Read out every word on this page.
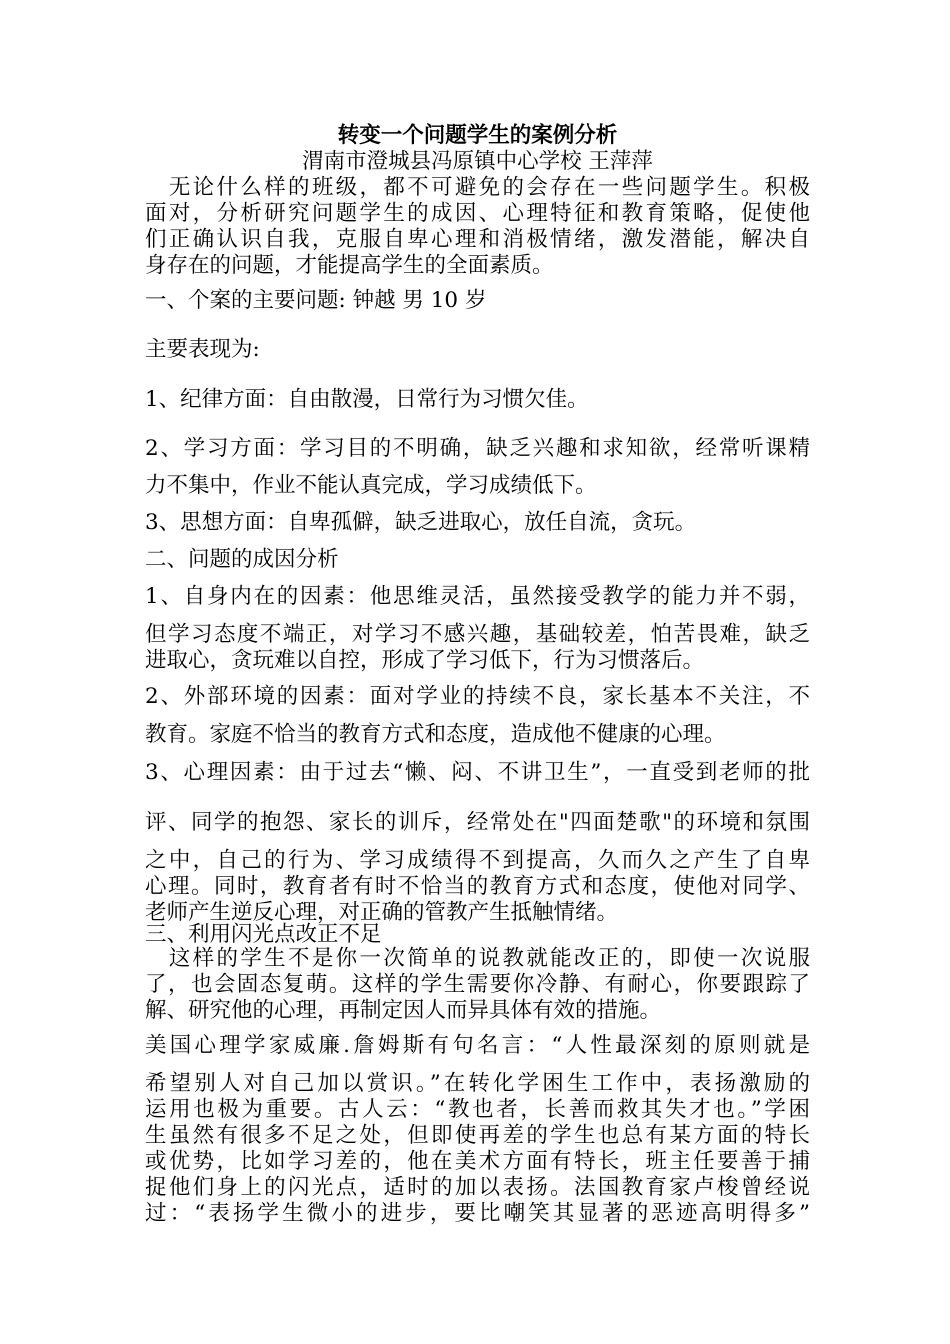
转变一个问题学生的案例分析
渭南市澄城县冯原镇中心学校 王萍萍
　无论什么样的班级，都不可避免的会存在一些问题学生。积极
面对，分析研究问题学生的成因、心理特征和教育策略，促使他
们正确认识自我，克服自卑心理和消极情绪，激发潜能，解决自
身存在的问题，才能提高学生的全面素质。
一、个案的主要问题: 钟越 男 10 岁
主要表现为:
1、纪律方面：自由散漫，日常行为习惯欠佳。
2、学习方面：学习目的不明确，缺乏兴趣和求知欲，经常听课精
力不集中，作业不能认真完成，学习成绩低下。
3、思想方面：自卑孤僻，缺乏进取心，放任自流，贪玩。
二、问题的成因分析
1、自身内在的因素：他思维灵活，虽然接受教学的能力并不弱，
但学习态度不端正，对学习不感兴趣，基础较差，怕苦畏难，缺乏
进取心，贪玩难以自控，形成了学习低下，行为习惯落后。
2、外部环境的因素：面对学业的持续不良，家长基本不关注，不
教育。家庭不恰当的教育方式和态度，造成他不健康的心理。
3、心理因素：由于过去“懒、闷、不讲卫生”，一直受到老师的批
评、同学的抱怨、家长的训斥，经常处在"四面楚歌"的环境和氛围
之中，自己的行为、学习成绩得不到提高，久而久之产生了自卑
心理。同时，教育者有时不恰当的教育方式和态度，使他对同学、
老师产生逆反心理，对正确的管教产生抵触情绪。
三、利用闪光点改正不足
　这样的学生不是你一次简单的说教就能改正的，即使一次说服
了，也会固态复萌。这样的学生需要你冷静、有耐心，你要跟踪了
解、研究他的心理，再制定因人而异具体有效的措施。
美国心理学家威廉.詹姆斯有句名言：“人性最深刻的原则就是
希望别人对自己加以赏识。”在转化学困生工作中，表扬激励的
运用也极为重要。古人云：“教也者，长善而救其失才也。”学困
生虽然有很多不足之处，但即使再差的学生也总有某方面的特长
或优势，比如学习差的，他在美术方面有特长，班主任要善于捕
捉他们身上的闪光点，适时的加以表扬。法国教育家卢梭曾经说
过：“表扬学生微小的进步，要比嘲笑其显著的恶迹高明得多”
